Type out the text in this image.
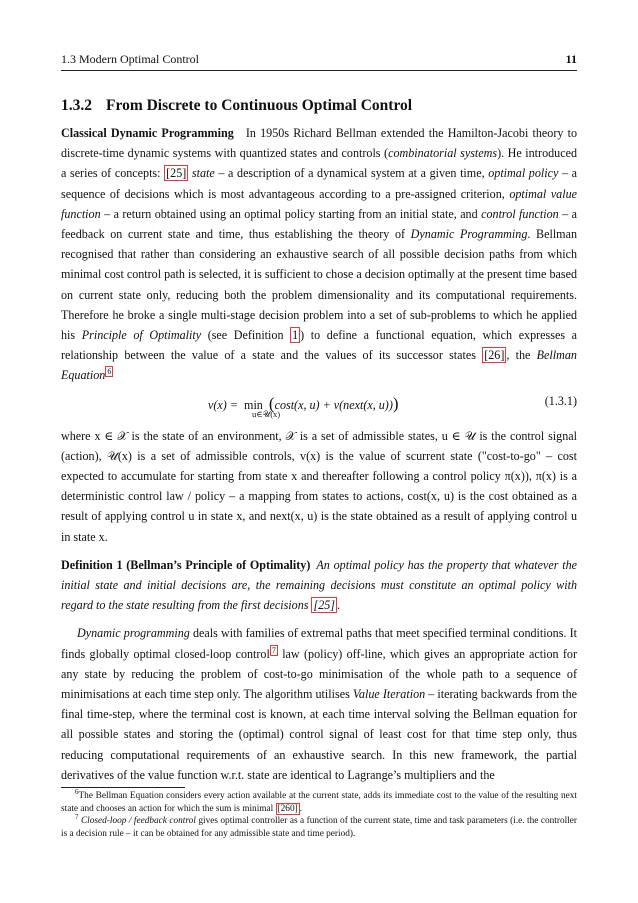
1.3 Modern Optimal Control	11
1.3.2 From Discrete to Continuous Optimal Control

Classical Dynamic Programming  In 1950s Richard Bellman extended the Hamilton-Jacobi theory to discrete-time dynamic systems with quantized states and controls (combinatorial systems). He introduced a series of concepts: [25] state – a description of a dynamical system at a given time, optimal policy – a sequence of decisions which is most advantageous according to a pre-assigned criterion, optimal value function – a return obtained using an optimal policy starting from an initial state, and control function – a feedback on current state and time, thus establishing the theory of Dynamic Programming. Bellman recognised that rather than considering an exhaustive search of all possible decision paths from which minimal cost control path is selected, it is sufficient to chose a decision optimally at the present time based on current state only, reducing both the problem dimensionality and its computational requirements. Therefore he broke a single multi-stage decision problem into a set of sub-problems to which he applied his Principle of Optimality (see Definition 1 ) to define a functional equation, which expresses a relationship between the value of a state and the values of its successor states [26] , the Bellman Equation $^6$

v(x) =  min  (cost(x, u) + v(next(x, u)))
u∈𝒰(x)
(1.3.1)

where x ∈ 𝒳 is the state of an environment, 𝒳 is a set of admissible states, u ∈ 𝒰 is the control signal (action), 𝒰(x) is a set of admissible controls, v(x) is the value of scurrent state ("cost-to-go" – cost expected to accumulate for starting from state x and thereafter following a control policy π(x)), π(x) is a deterministic control law / policy – a mapping from states to actions, cost(x, u) is the cost obtained as a result of applying control u in state x, and next(x, u) is the state obtained as a result of applying control u in state x.

Definition 1 (Bellman’s Principle of Optimality)  An optimal policy has the property that whatever the initial state and initial decisions are, the remaining decisions must constitute an optimal policy with regard to the state resulting from the first decisions [25] .

Dynamic programming deals with families of extremal paths that meet specified terminal conditions. It finds globally optimal closed-loop control $^7$ law (policy) off-line, which gives an appropriate action for any state by reducing the problem of cost-to-go minimisation of the whole path to a sequence of minimisations at each time step only. The algorithm utilises Value Iteration – iterating backwards from the final time-step, where the terminal cost is known, at each time interval solving the Bellman equation for all possible states and storing the (optimal) control signal of least cost for that time step only, thus reducing computational requirements of an exhaustive search. In this new framework, the partial derivatives of the value function w.r.t. state are identical to Lagrange’s multipliers and the

$^6$The Bellman Equation considers every action available at the current state, adds its immediate cost to the value of the resulting next state and chooses an action for which the sum is minimal [260] .

$^7$ Closed-loop / feedback control gives optimal controller as a function of the current state, time and task parameters (i.e. the controller is a decision rule – it can be obtained for any admissible state and time period).
